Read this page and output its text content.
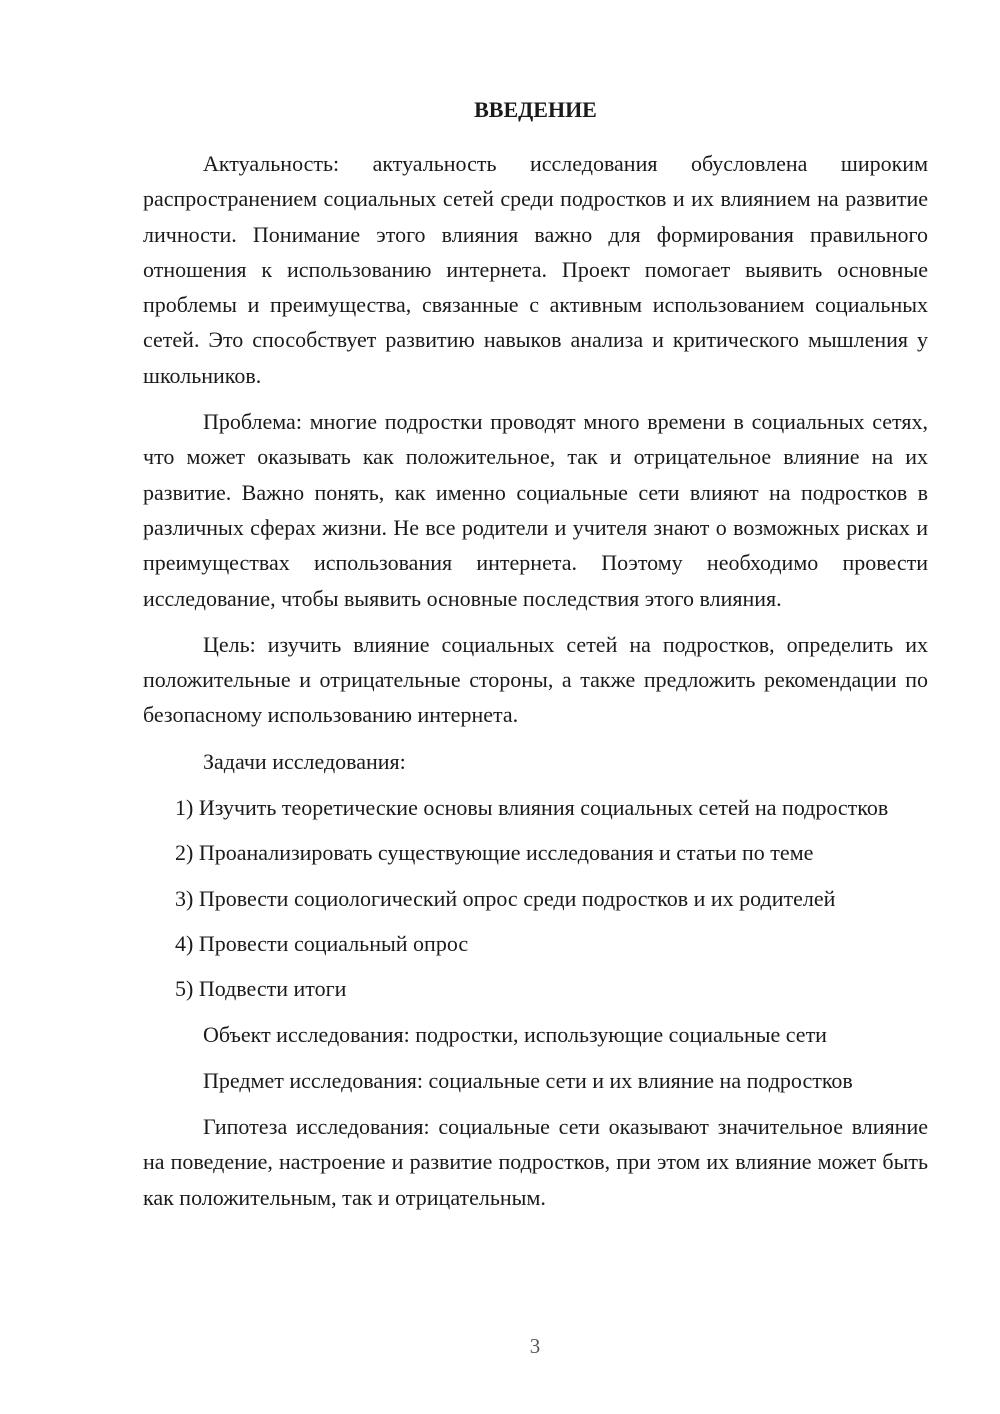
ВВЕДЕНИЕ

Актуальность: актуальность исследования обусловлена широким распространением социальных сетей среди подростков и их влиянием на развитие личности. Понимание этого влияния важно для формирования правильного отношения к использованию интернета. Проект помогает выявить основные проблемы и преимущества, связанные с активным использованием социальных сетей. Это способствует развитию навыков анализа и критического мышления у школьников.

Проблема: многие подростки проводят много времени в социальных сетях, что может оказывать как положительное, так и отрицательное влияние на их развитие. Важно понять, как именно социальные сети влияют на подростков в различных сферах жизни. Не все родители и учителя знают о возможных рисках и преимуществах использования интернета. Поэтому необходимо провести исследование, чтобы выявить основные последствия этого влияния.

Цель: изучить влияние социальных сетей на подростков, определить их положительные и отрицательные стороны, а также предложить рекомендации по безопасному использованию интернета.

Задачи исследования:

1) Изучить теоретические основы влияния социальных сетей на подростков

2) Проанализировать существующие исследования и статьи по теме

3) Провести социологический опрос среди подростков и их родителей

4) Провести социальный опрос

5) Подвести итоги

Объект исследования: подростки, использующие социальные сети

Предмет исследования: социальные сети и их влияние на подростков

Гипотеза исследования: социальные сети оказывают значительное влияние на поведение, настроение и развитие подростков, при этом их влияние может быть как положительным, так и отрицательным.

3
